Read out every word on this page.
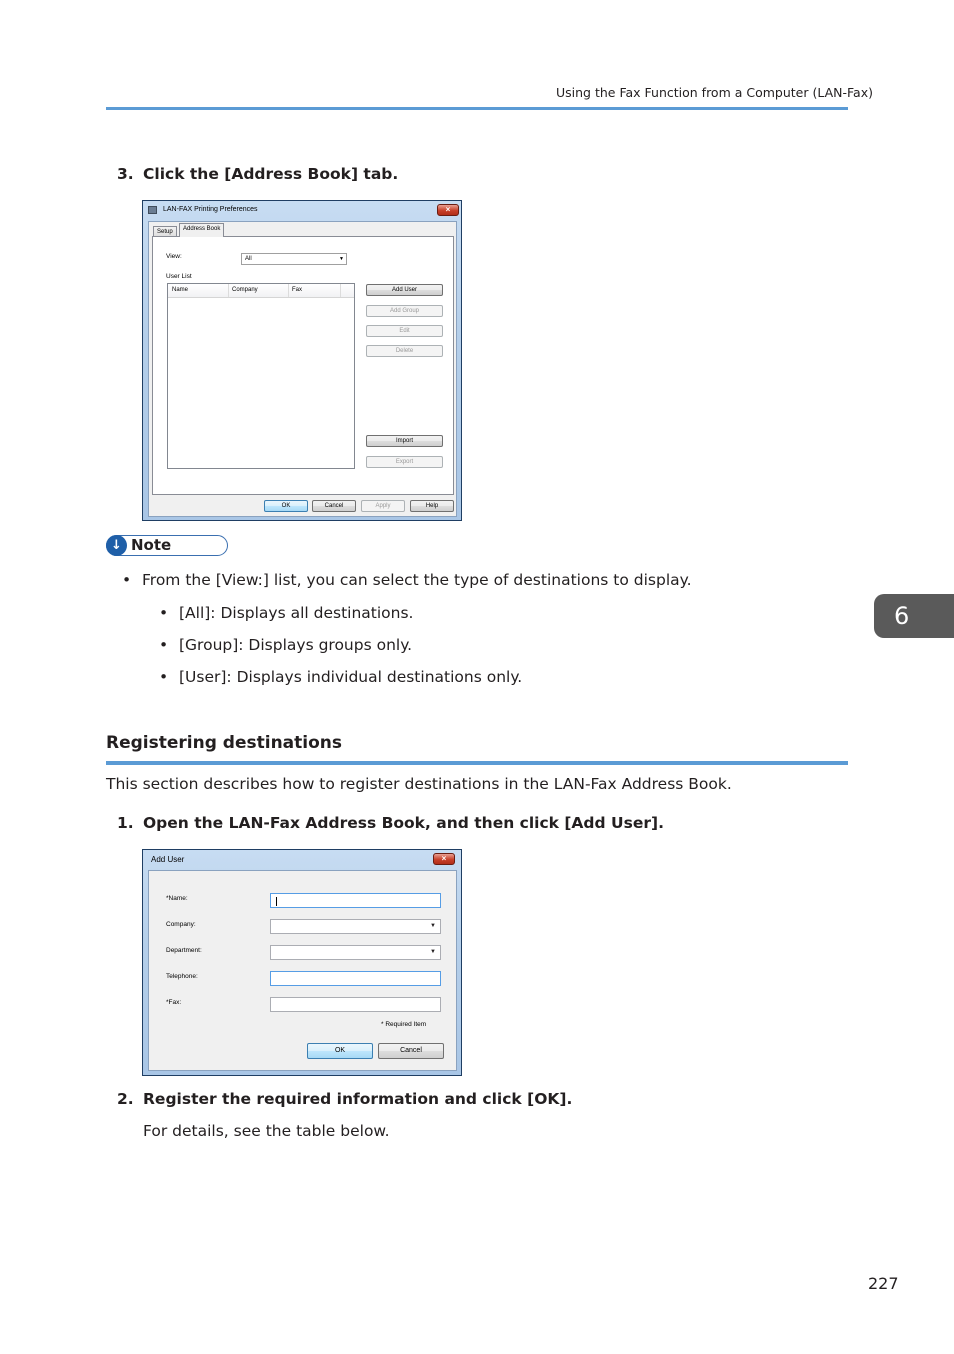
Using the Fax Function from a Computer (LAN-Fax)
3. Click the [Address Book] tab.
LAN-FAX Printing Preferences	×
Setup	Address Book
View:	All	▼
User List
Name	Company	Fax	Add User
Add Group
Edit
Delete
Import
Export
OK	Cancel	Apply	Help
↓ Note
• From the [View:] list, you can select the type of destinations to display.
• [All]: Displays all destinations.
• [Group]: Displays groups only.
• [User]: Displays individual destinations only.
6
Registering destinations
This section describes how to register destinations in the LAN-Fax Address Book.
1. Open the LAN-Fax Address Book, and then click [Add User].
Add User	×
*Name:
Company:	▼
Department:	▼
Telephone:
*Fax:
* Required Item
OK	Cancel
2. Register the required information and click [OK].
For details, see the table below.
227
